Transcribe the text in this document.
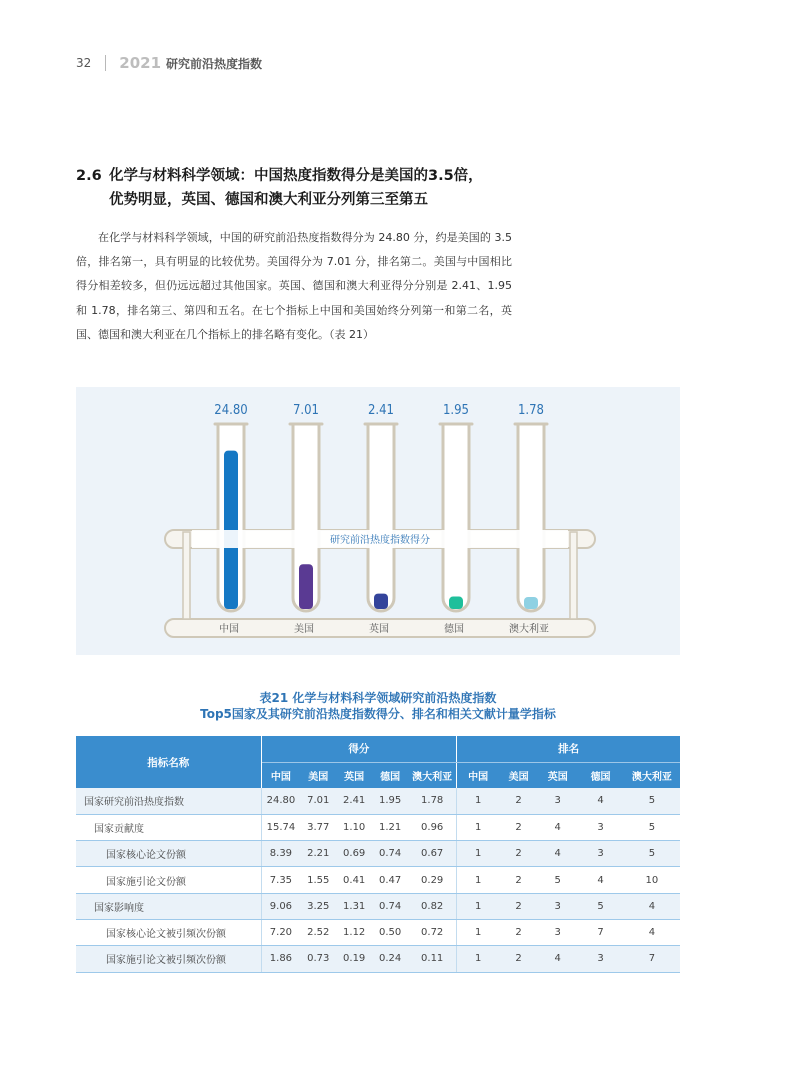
32 2021 研究前沿热度指数
2.6 化学与材料科学领域：中国热度指数得分是美国的3.5倍，
优势明显，英国、德国和澳大利亚分列第三至第五

在化学与材料科学领域，中国的研究前沿热度指数得分为 24.80 分，约是美国的 3.5 倍，排名第一，具有明显的比较优势。美国得分为 7.01 分，排名第二。美国与中国相比得分相差较多，但仍远远超过其他国家。英国、德国和澳大利亚得分分别是 2.41、1.95 和 1.78，排名第三、第四和五名。在七个指标上中国和美国始终分列第一和第二名，英国、德国和澳大利亚在几个指标上的排名略有变化。（表 21）

研究前沿热度指数得分
24.80
中国
7.01
美国
2.41
英国
1.95
德国
1.78
澳大利亚
表21 化学与材料科学领域研究前沿热度指数
Top5国家及其研究前沿热度指数得分、排名和相关文献计量学指标
指标名称	得分					排名				
	中国	美国	英国	德国	澳大利亚	中国	美国	英国	德国	澳大利亚
国家研究前沿热度指数	24.80	7.01	2.41	1.95	1.78	1	2	3	4	5
国家贡献度	15.74	3.77	1.10	1.21	0.96	1	2	4	3	5
国家核心论文份额	8.39	2.21	0.69	0.74	0.67	1	2	4	3	5
国家施引论文份额	7.35	1.55	0.41	0.47	0.29	1	2	5	4	10
国家影响度	9.06	3.25	1.31	0.74	0.82	1	2	3	5	4
国家核心论文被引频次份额	7.20	2.52	1.12	0.50	0.72	1	2	3	7	4
国家施引论文被引频次份额	1.86	0.73	0.19	0.24	0.11	1	2	4	3	7
